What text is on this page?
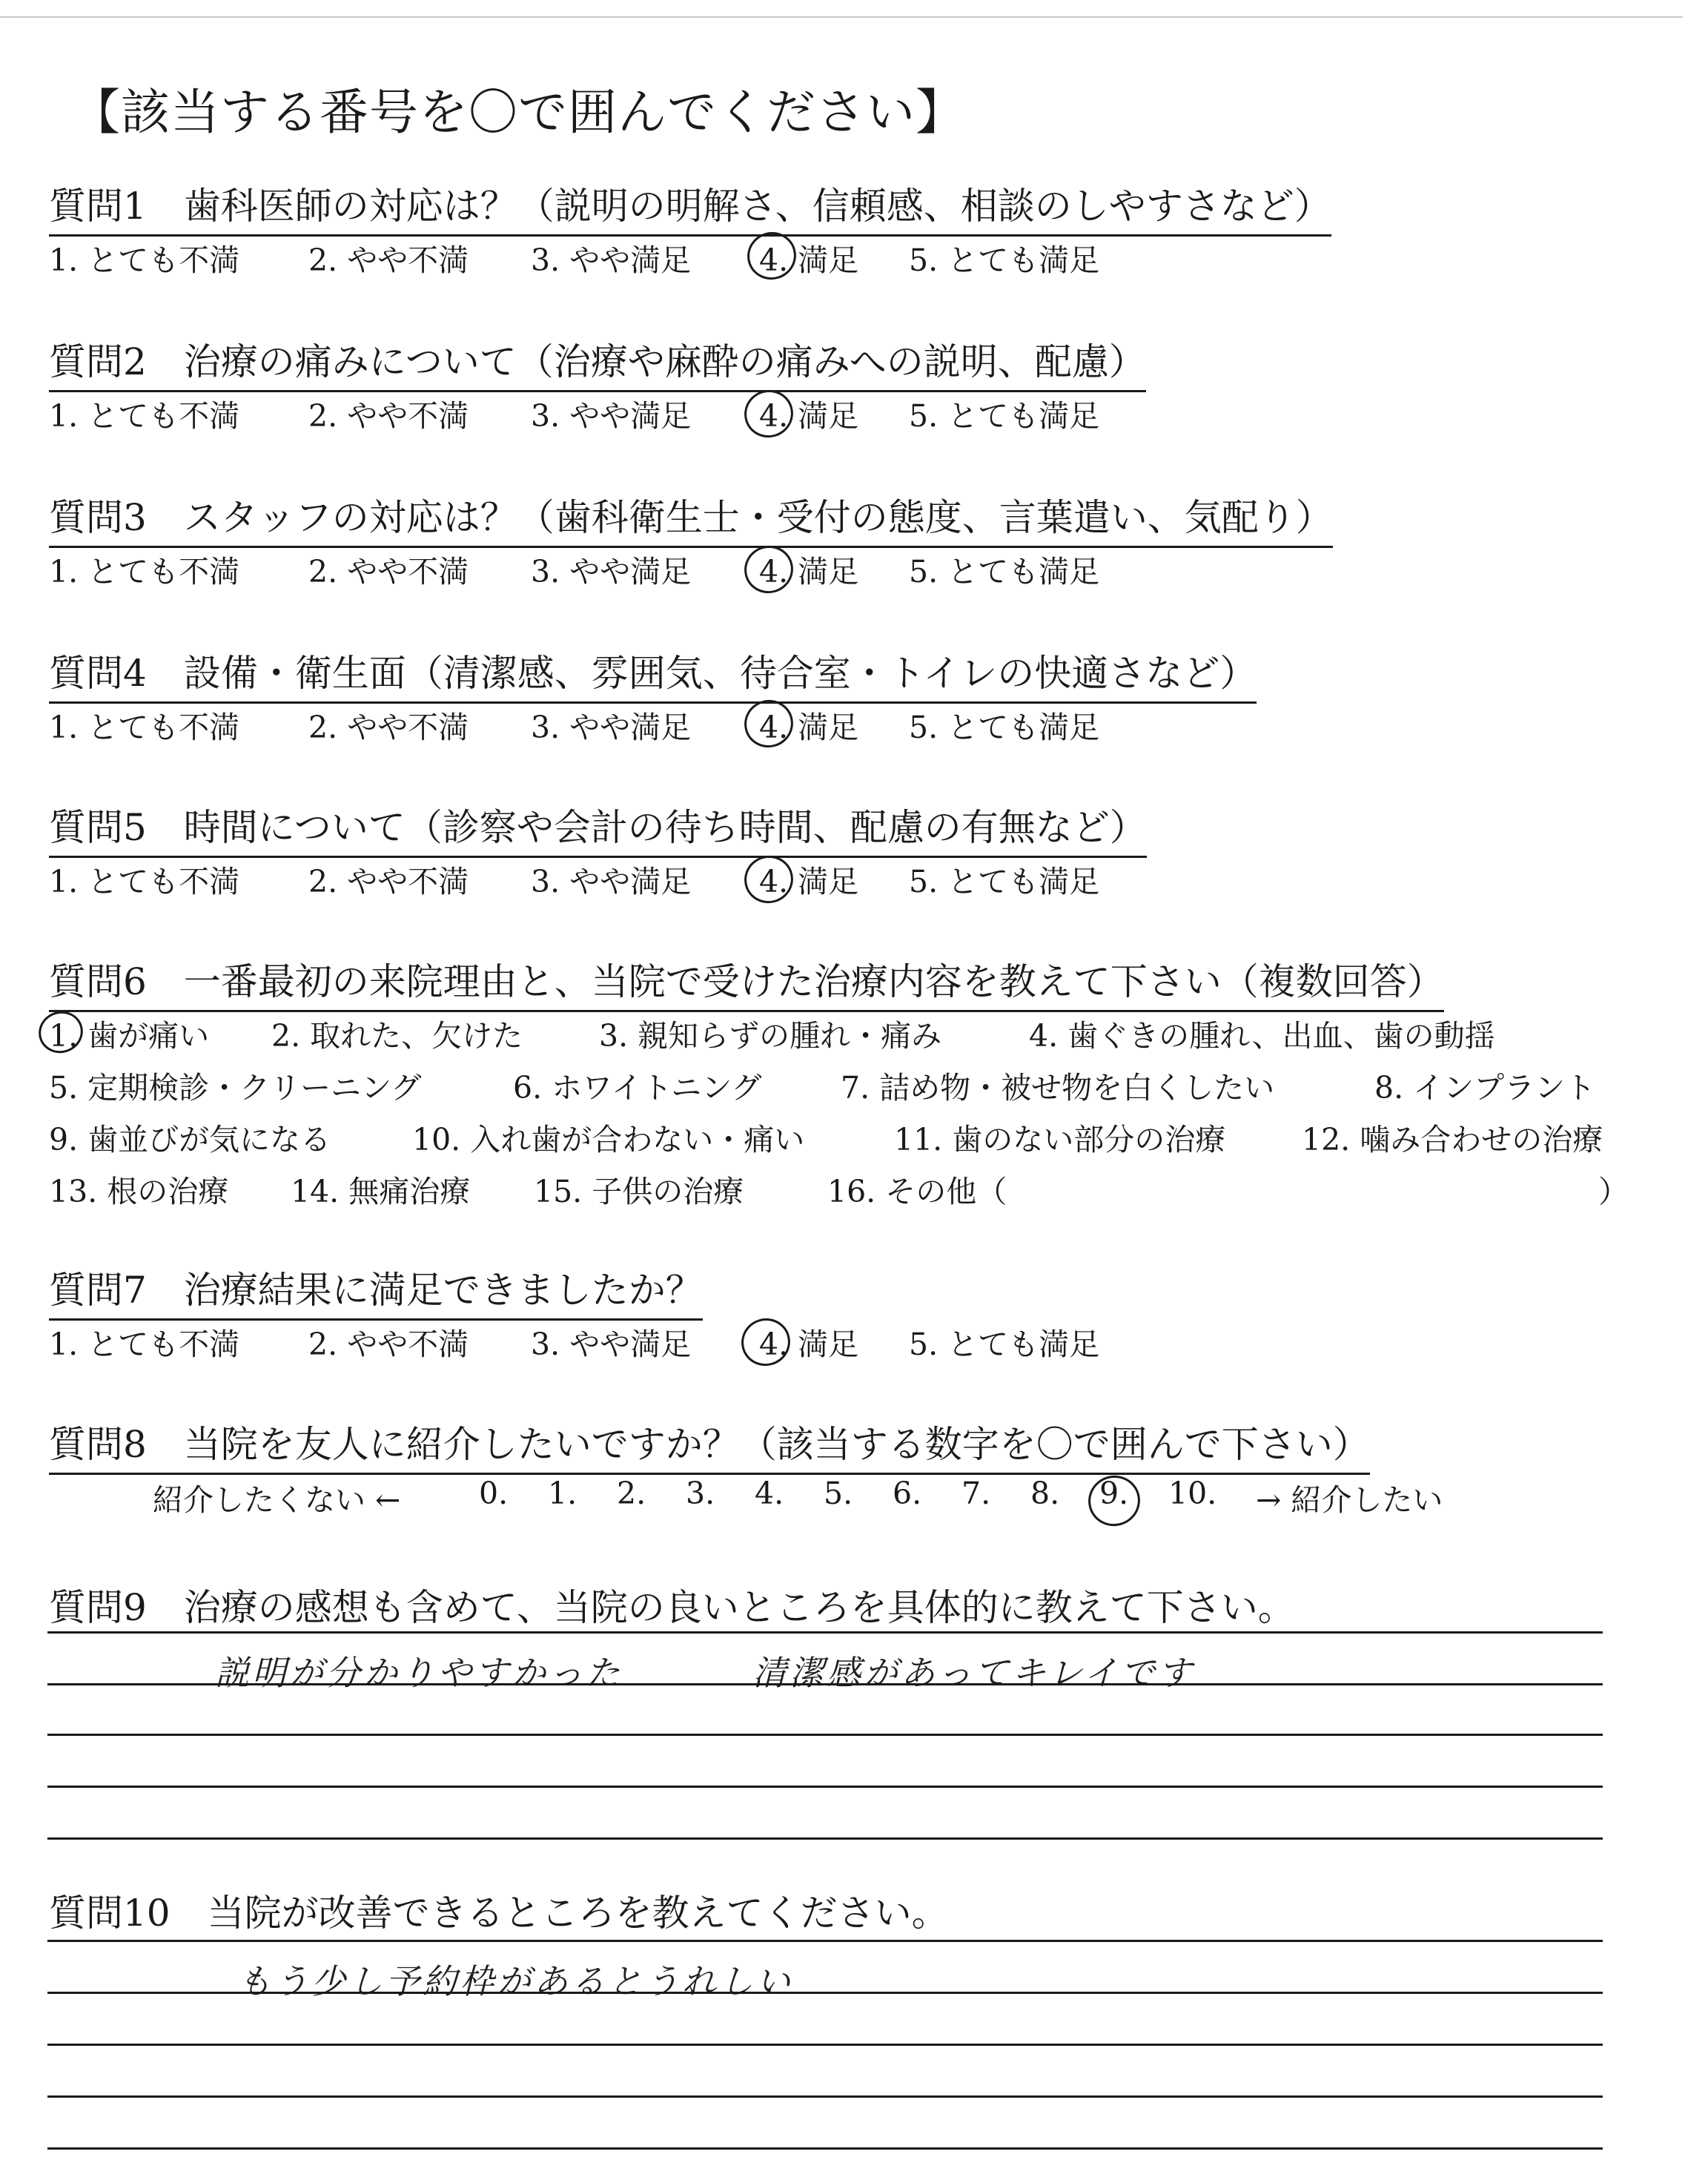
【該当する番号を〇で囲んでください】
質問1　歯科医師の対応は？（説明の明解さ、信頼感、相談のしやすさなど）
1. とても不満 2. やや不満 3. やや満足 4. 満足 5. とても満足
質問2　治療の痛みについて（治療や麻酔の痛みへの説明、配慮）
1. とても不満 2. やや不満 3. やや満足 4. 満足 5. とても満足
質問3　スタッフの対応は？（歯科衛生士・受付の態度、言葉遣い、気配り）
1. とても不満 2. やや不満 3. やや満足 4. 満足 5. とても満足
質問4　設備・衛生面（清潔感、雰囲気、待合室・トイレの快適さなど）
1. とても不満 2. やや不満 3. やや満足 4. 満足 5. とても満足
質問5　時間について（診察や会計の待ち時間、配慮の有無など）
1. とても不満 2. やや不満 3. やや満足 4. 満足 5. とても満足
質問6　一番最初の来院理由と、当院で受けた治療内容を教えて下さい（複数回答）
1. 歯が痛い 2. 取れた、欠けた	3. 親知らずの腫れ・痛み	4. 歯ぐきの腫れ、出血、歯の動揺
5. 定期検診・クリーニング	6. ホワイトニング	7. 詰め物・被せ物を白くしたい	8. インプラント
9. 歯並びが気になる	10. 入れ歯が合わない・痛い	11. 歯のない部分の治療	12. 噛み合わせの治療
13. 根の治療 14. 無痛治療 15. 子供の治療	16. その他（	）
質問7　治療結果に満足できましたか？
1. とても不満 2. やや不満 3. やや満足 4. 満足 5. とても満足
質問8　当院を友人に紹介したいですか？（該当する数字を〇で囲んで下さい）
紹介したくない ←	0. 1. 2. 3. 4. 5. 6. 7. 8. 9. 10. → 紹介したい
質問9　治療の感想も含めて、当院の良いところを具体的に教えて下さい。
説明が分かりやすかった	清潔感があってキレイです
質問10　当院が改善できるところを教えてください。
もう少し予約枠があるとうれしい
